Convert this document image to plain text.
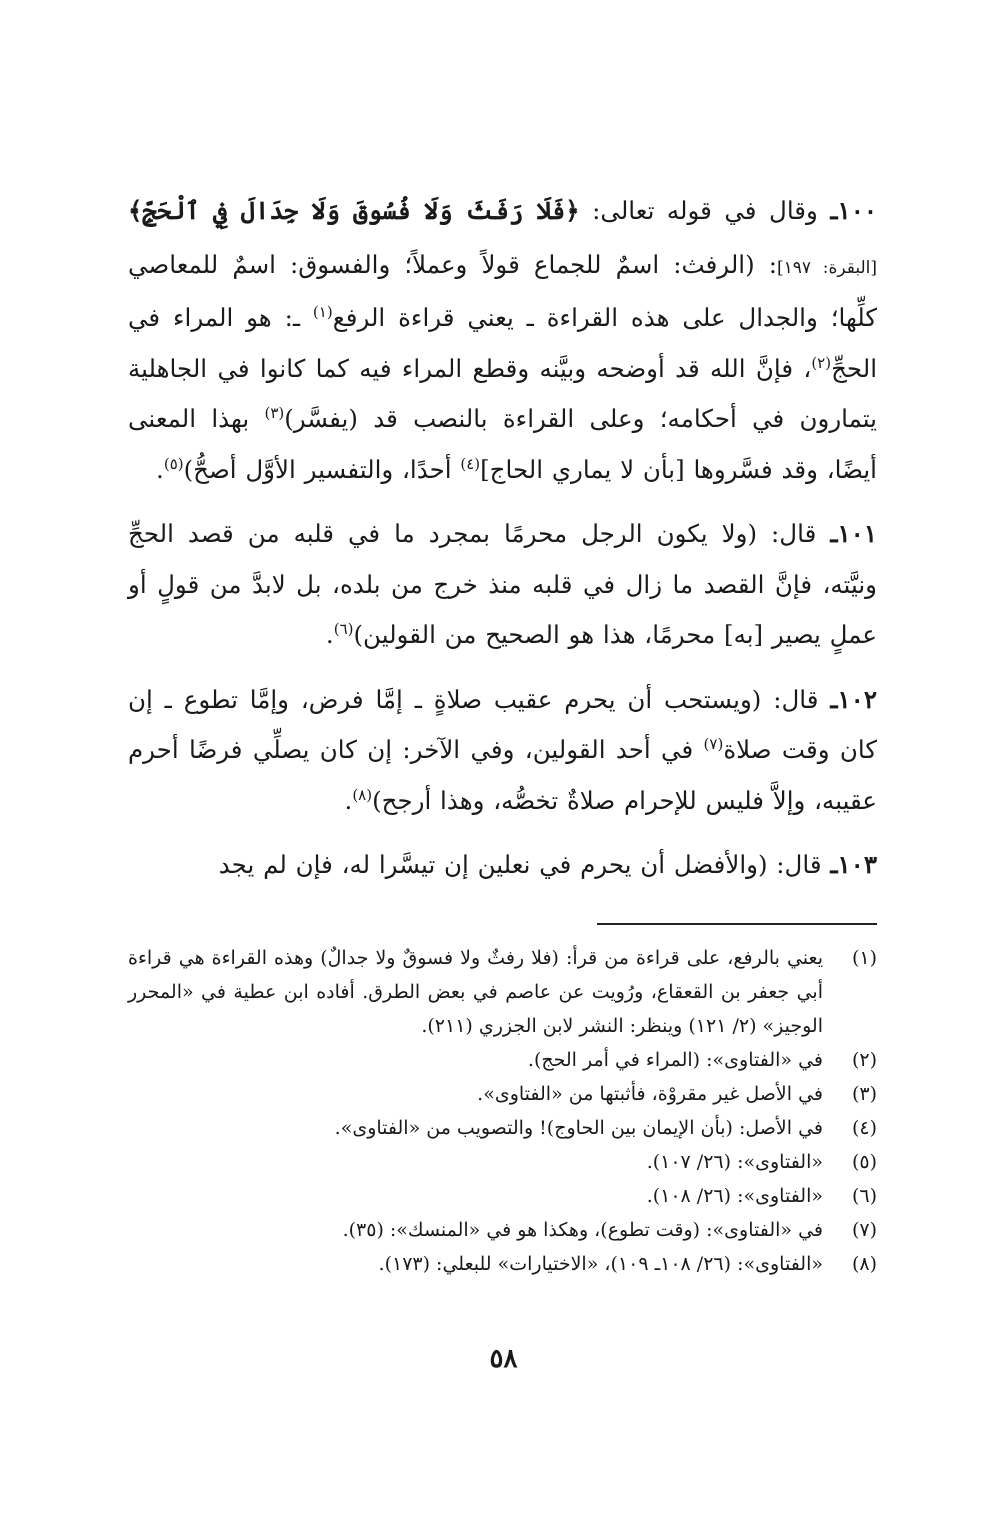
١٠٠ـ وقال في قوله تعالى: ﴿فَلَا رَفَثَ وَلَا فُسُوقَ وَلَا جِدَالَ فِي ٱلْحَجِّ﴾ [البقرة: ١٩٧]: (الرفث: اسمٌ للجماع قولاً وعملاً؛ والفسوق: اسمٌ للمعاصي كلِّها؛ والجدال على هذه القراءة ـ يعني قراءة الرفع$^{(١)}$ ـ: هو المراء في الحجِّ$^{(٢)}$، فإنَّ الله قد أوضحه وبيَّنه وقطع المراء فيه كما كانوا في الجاهلية يتمارون في أحكامه؛ وعلى القراءة بالنصب قد (يفسَّر)$^{(٣)}$ بهذا المعنى أيضًا، وقد فسَّروها [بأن لا يماري الحاج]$^{(٤)}$ أحدًا، والتفسير الأوَّل أصحُّ)$^{(٥)}$.

١٠١ـ قال: (ولا يكون الرجل محرمًا بمجرد ما في قلبه من قصد الحجِّ ونيَّته، فإنَّ القصد ما زال في قلبه منذ خرج من بلده، بل لابدَّ من قولٍ أو عملٍ يصير [به] محرمًا، هذا هو الصحيح من القولين)$^{(٦)}$.

١٠٢ـ قال: (ويستحب أن يحرم عقيب صلاةٍ ـ إمَّا فرض، وإمَّا تطوع ـ إن كان وقت صلاة$^{(٧)}$ في أحد القولين، وفي الآخر: إن كان يصلِّي فرضًا أحرم عقيبه، وإلاَّ فليس للإحرام صلاةٌ تخصُّه، وهذا أرجح)$^{(٨)}$.

١٠٣ـ قال: (والأفضل أن يحرم في نعلين إن تيسَّرا له، فإن لم يجد

(١)
يعني بالرفع، على قراءة من قرأ: (فلا رفثٌ ولا فسوقٌ ولا جدالٌ) وهذه القراءة هي قراءة أبي جعفر بن القعقاع، ورُويت عن عاصم في بعض الطرق. أفاده ابن عطية في «المحرر الوجيز» (٢/ ١٢١) وينظر: النشر لابن الجزري (٢١١).
(٢)
في «الفتاوى»: (المراء في أمر الحج).
(٣)
في الأصل غير مقروْة، فأثبتها من «الفتاوى».
(٤)
في الأصل: (بأن الإيمان بين الحاوج)! والتصويب من «الفتاوى».
(٥)
«الفتاوى»: (٢٦/ ١٠٧).
(٦)
«الفتاوى»: (٢٦/ ١٠٨).
(٧)
في «الفتاوى»: (وقت تطوع)، وهكذا هو في «المنسك»: (٣٥).
(٨)
«الفتاوى»: (٢٦/ ١٠٨ـ ١٠٩)، «الاختيارات» للبعلي: (١٧٣).
٥٨
